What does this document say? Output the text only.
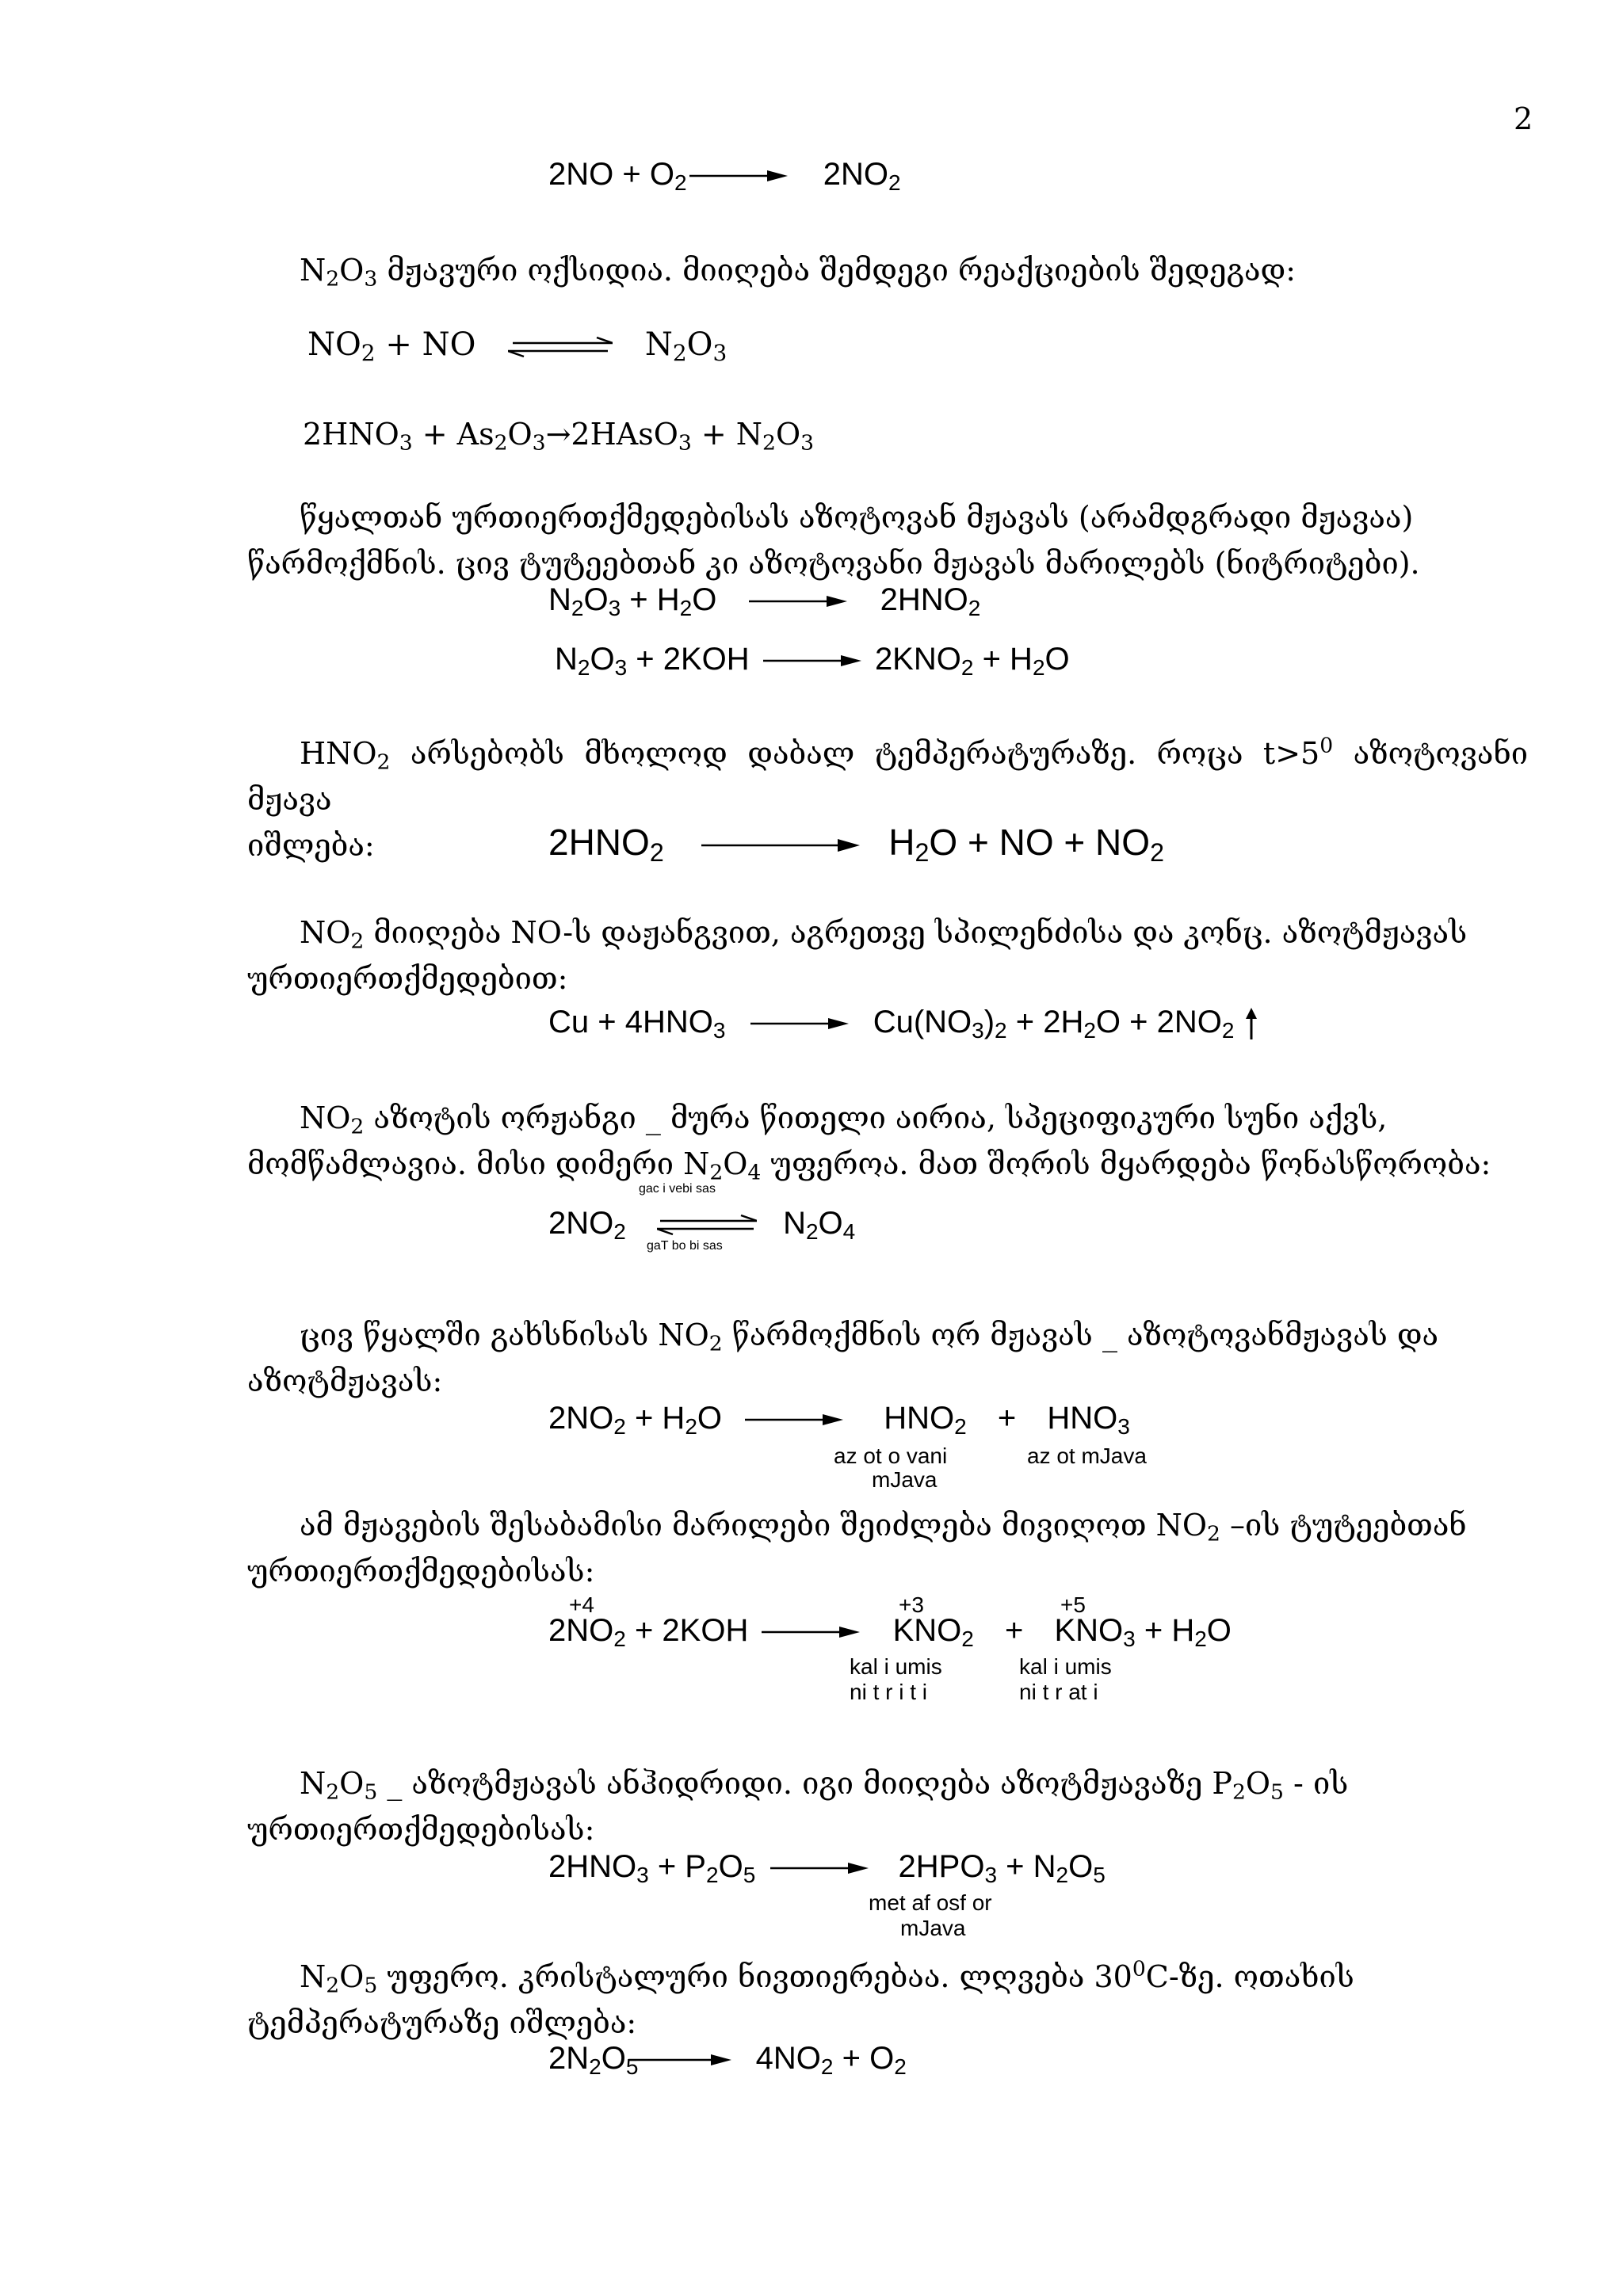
2
$2NO + O_2 \to 2NO_2$

$N_2O_3$ მჟავური ოქსიდია. მიიღება შემდეგი რეაქციების შედეგად:

$NO_2$ + NO ⇌ $N_2O_3$
$2HNO_3$ + $As_2O_3\to 2HAsO_3 + N_2O_3$

წყალთან ურთიერთქმედებისას აზოტოვან მჟავას (არამდგრადი მჟავაა)

წარმოქმნის. ცივ ტუტეებთან კი აზოტოვანი მჟავას მარილებს (ნიტრიტები).

$N_2O_3 + H_2O \to 2HNO_2$
$N_2O_3 + 2KOH \to 2KNO_2 + H_2O$

$HNO_2$ არსებობს მხოლოდ დაბალ ტემპერატურაზე. როცა $t>5^0$ აზოტოვანი მჟავა

იშლება:	$2HNO_2$	$H_2O$ + NO + $NO_2$

$NO_2$ მიიღება NO-ს დაჟანგვით, აგრეთვე სპილენძისა და კონც. აზოტმჟავას

ურთიერთქმედებით:

$Cu + 4HNO_3 \to Cu(NO_3)_2 + 2H_2O + 2NO_2$

$NO_2$ აზოტის ორჟანგი _ მურა წითელი აირია, სპეციფიკური სუნი აქვს,

მომწამლავია. მისი დიმერი $N_2O_4$ უფეროა. მათ შორის მყარდება წონასწორობა:

gac i vebi sas
$2NO_2$ ⇌ $N_2O_4$
gaT bo bi sas

ცივ წყალში გახსნისას $NO_2$ წარმოქმნის ორ მჟავას _ აზოტოვანმჟავას და

აზოტმჟავას:

$2NO_2 + H_2O \to HNO_2 + HNO_3$
az ot o vani
mJava
az ot mJava

ამ მჟავების შესაბამისი მარილები შეიძლება მივიღოთ $NO_2$ –ის ტუტეებთან

ურთიერთქმედებისას:

+4	+3	+5
$2NO_2 + 2KOH \to KNO_2 + KNO_3 + H_2O$
kal i umis
ni t r i t i
kal i umis
ni t r at i

$N_2O_5$ _ აზოტმჟავას ანჰიდრიდი. იგი მიიღება აზოტმჟავაზე $P_2O_5$ - ის

ურთიერთქმედებისას:

$2HNO_3 + P_2O_5 \to 2HPO_3 + N_2O_5$
met af osf or
mJava

$N_2O_5$ უფერო. კრისტალური ნივთიერებაა. ლღვება $30^0C-ზე$. ოთახის

ტემპერატურაზე იშლება:

$2N_2O_5 \to 4NO_2 + O_2$
